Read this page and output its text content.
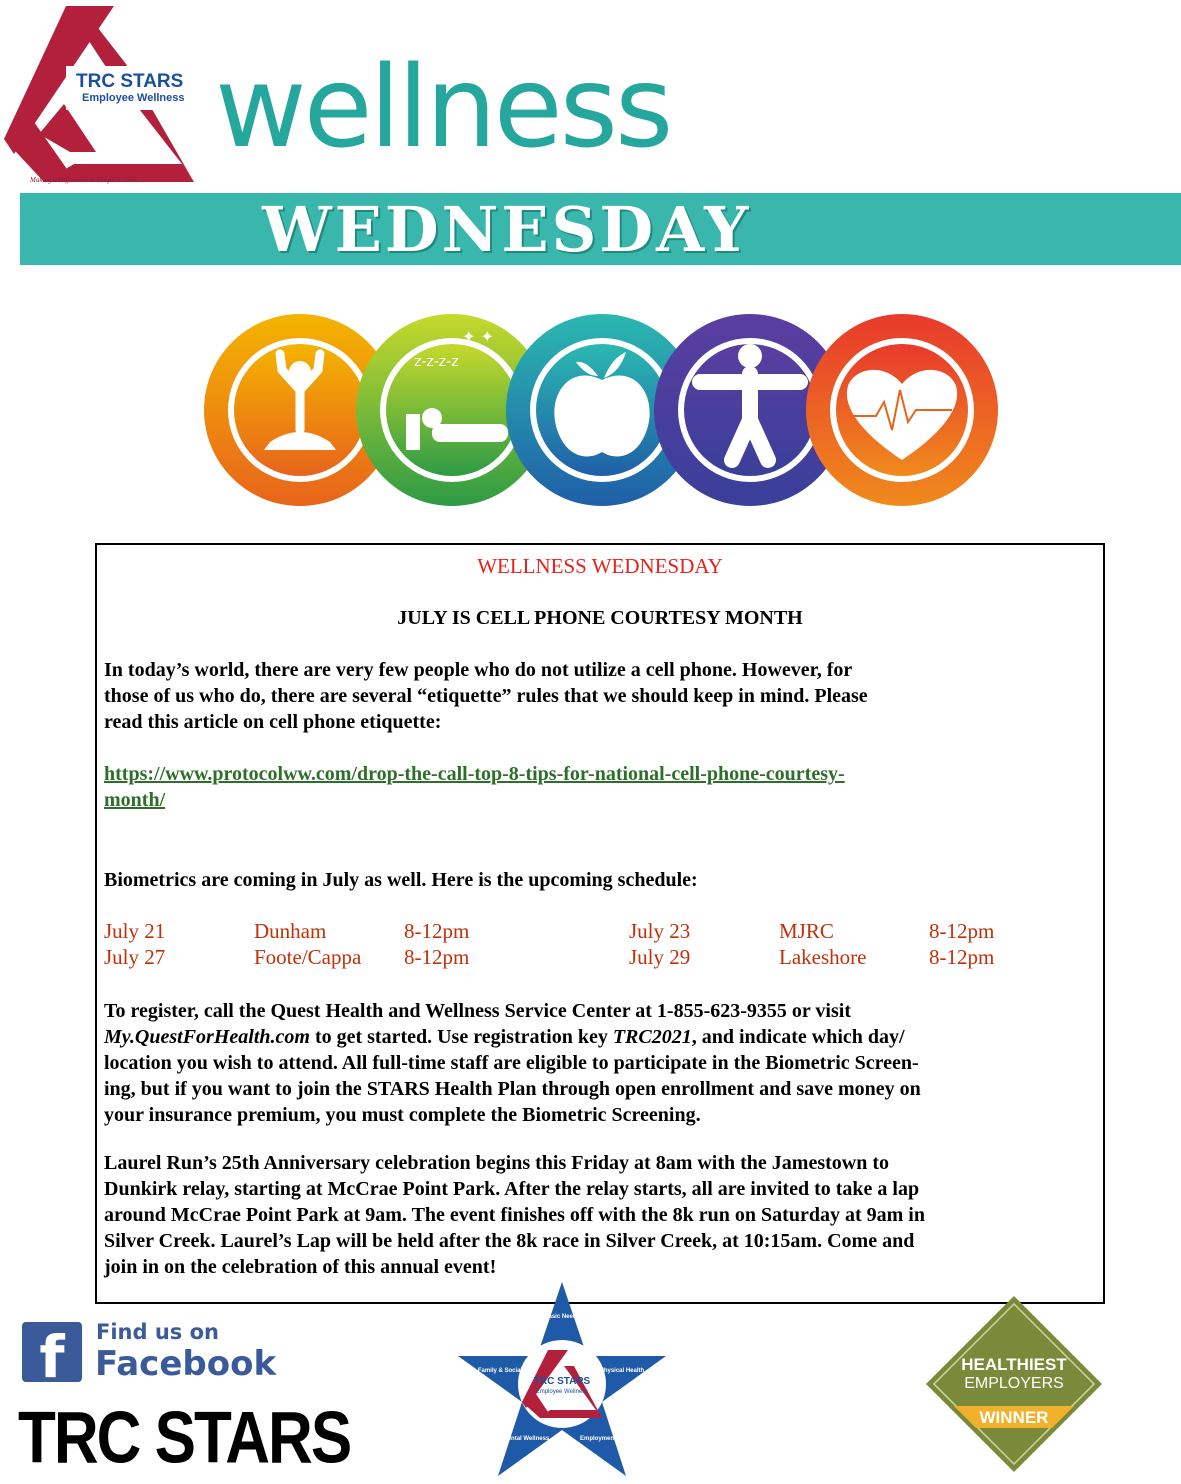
TRC STARS
Employee Wellness
Making a Difference in People's Lives
wellness
WEDNESDAY
z-z-z-z
✦ ✦
WELLNESS WEDNESDAY
JULY IS CELL PHONE COURTESY MONTH
In today’s world, there are very few people who do not utilize a cell phone. However, for
those of us who do, there are several “etiquette” rules that we should keep in mind. Please
read this article on cell phone etiquette:
https://www.protocolww.com/drop-the-call-top-8-tips-for-national-cell-phone-courtesy-
month/
Biometrics are coming in July as well. Here is the upcoming schedule:
July 21	Dunham	8-12pm	July 23	MJRC	8-12pm
July 27	Foote/Cappa 8-12pm	July 29	Lakeshore	8-12pm
To register, call the Quest Health and Wellness Service Center at 1-855-623-9355 or visit
My.QuestForHealth.com to get started. Use registration key TRC2021, and indicate which day/
location you wish to attend. All full-time staff are eligible to participate in the Biometric Screen-
ing, but if you want to join the STARS Health Plan through open enrollment and save money on
your insurance premium, you must complete the Biometric Screening.
Laurel Run’s 25th Anniversary celebration begins this Friday at 8am with the Jamestown to
Dunkirk relay, starting at McCrae Point Park. After the relay starts, all are invited to take a lap
around McCrae Point Park at 9am. The event finishes off with the 8k run on Saturday at 9am in
Silver Creek. Laurel’s Lap will be held after the 8k race in Silver Creek, at 10:15am. Come and
join in on the celebration of this annual event!
f	Find us on
Facebook
TRC STARS
TRC STARS
Employee Wellness
Basic Needs
Family & Social	Physical Health
Mental Wellness	Employment
HEALTHIEST
EMPLOYERS
WINNER
